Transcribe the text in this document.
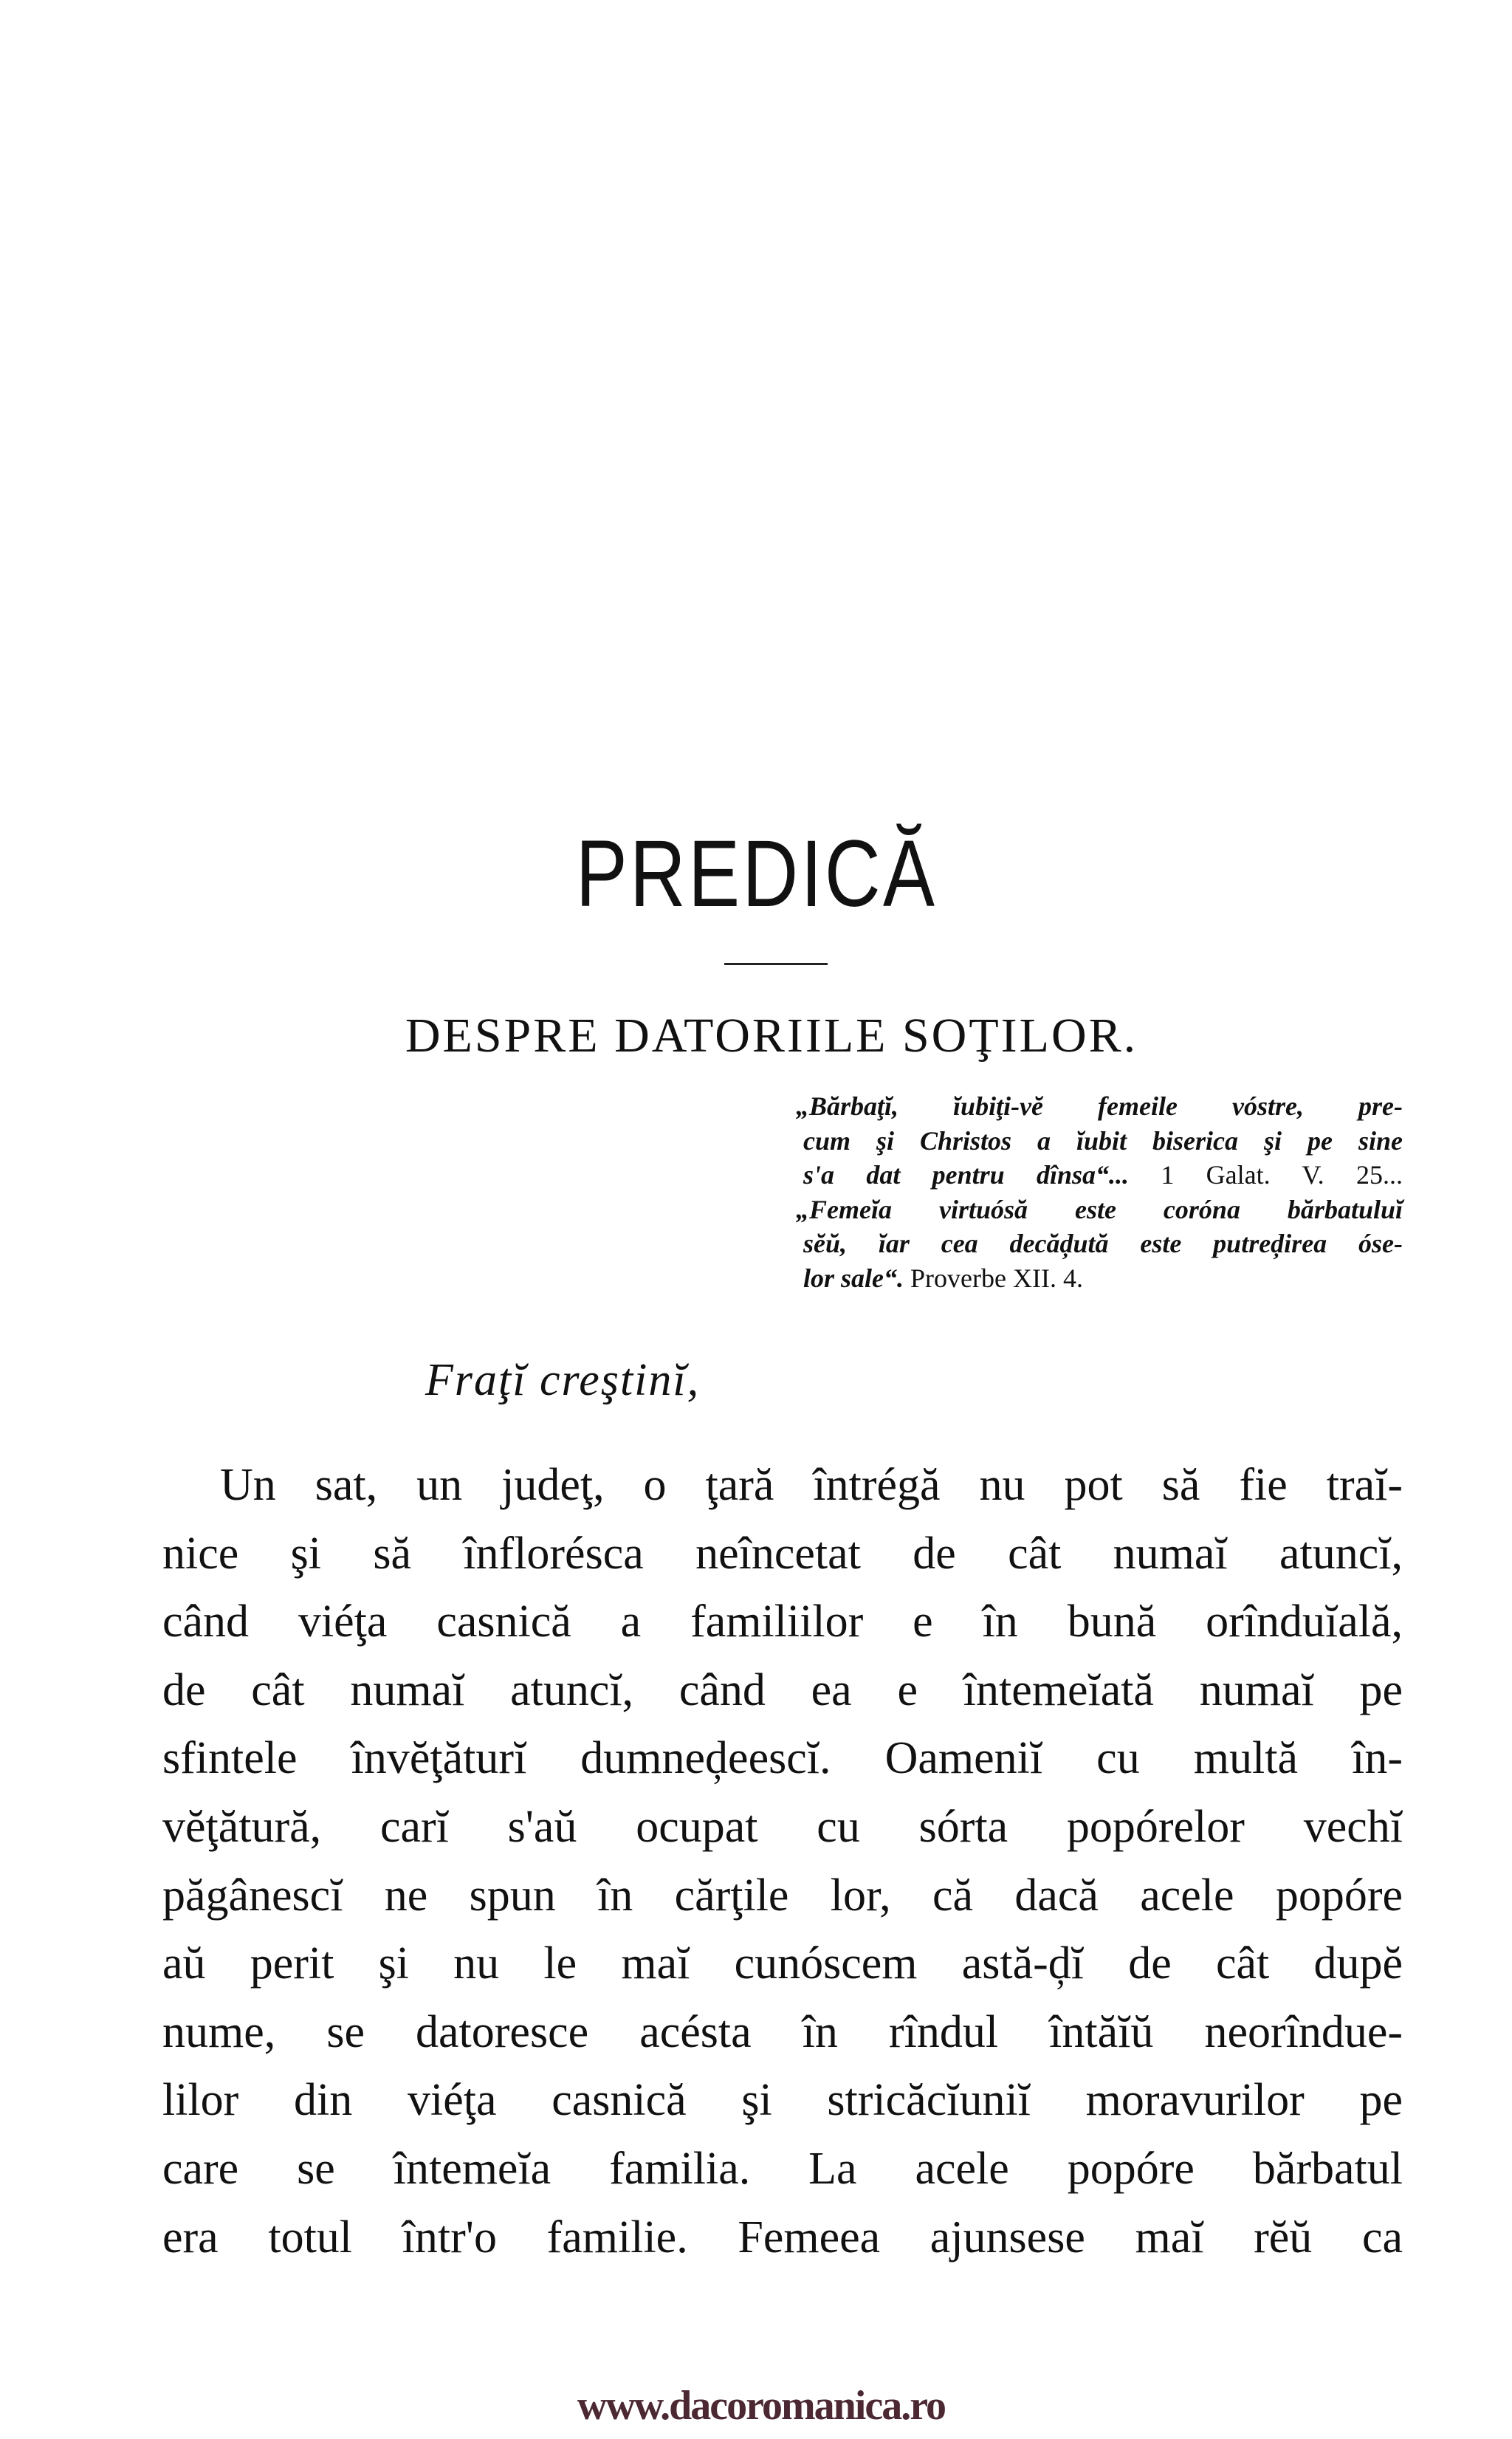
PREDICĂ
DESPRE DATORIILE SOŢILOR.
„Bărbaţĭ, ĭubiţi-vĕ femeile vóstre, pre-
cum şi Christos a ĭubit biserica şi pe sine
s'a dat pentru dînsa“... 1 Galat. V. 25...
„Femeĭa virtuósă este coróna bărbatuluĭ
sĕŭ, ĭar cea decăḑută este putreḑirea óse-
lor sale“. Proverbe XII. 4.
Fraţĭ creştinĭ,
Un sat, un judeţ, o ţară întrégă nu pot să fie traĭ-
nice şi să înflorésca neîncetat de cât numaĭ atuncĭ,
când viéţa casnică a familiilor e în bună orînduĭală,
de cât numaĭ atuncĭ, când ea e întemeĭată numaĭ pe
sfintele învĕţăturĭ dumneḑeescĭ. Oameniĭ cu multă în-
vĕţătură, carĭ s'aŭ ocupat cu sórta popórelor vechĭ
păgânescĭ ne spun în cărţile lor, că dacă acele popóre
aŭ perit şi nu le maĭ cunóscem astă-ḑĭ de cât dupĕ
nume, se datoresce acésta în rîndul întăĭŭ neorîndue-
lilor din viéţa casnică şi stricăcĭuniĭ moravurilor pe
care se întemeĭa familia. La acele popóre bărbatul
era totul într'o familie. Femeea ajunsese maĭ rĕŭ ca
www.dacoromanica.ro
